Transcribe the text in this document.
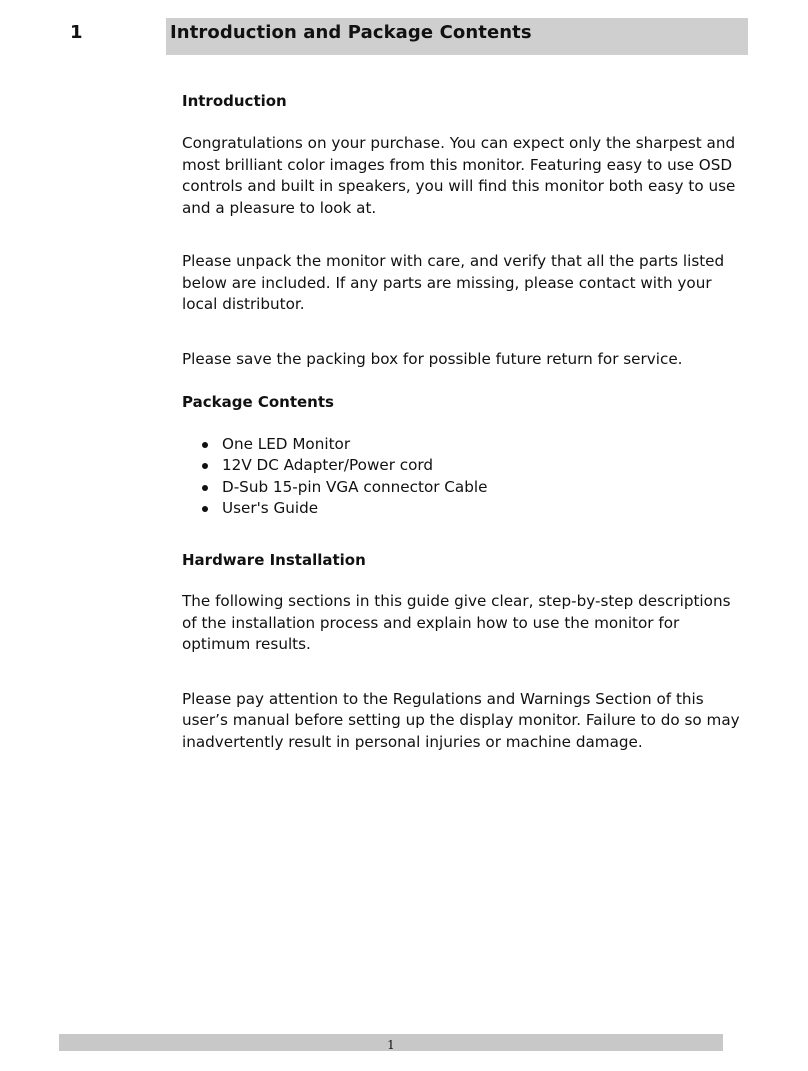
1	Introduction and Package Contents

Introduction

Congratulations on your purchase. You can expect only the sharpest and most brilliant color images from this monitor. Featuring easy to use OSD controls and built in speakers, you will find this monitor both easy to use and a pleasure to look at.

Please unpack the monitor with care, and verify that all the parts listed below are included. If any parts are missing, please contact with your local distributor.

Please save the packing box for possible future return for service.

Package Contents

One LED Monitor
12V DC Adapter/Power cord
D-Sub 15-pin VGA connector Cable
User's Guide

Hardware Installation

The following sections in this guide give clear, step-by-step descriptions of the installation process and explain how to use the monitor for optimum results.

Please pay attention to the Regulations and Warnings Section of this user’s manual before setting up the display monitor. Failure to do so may inadvertently result in personal injuries or machine damage.

1
